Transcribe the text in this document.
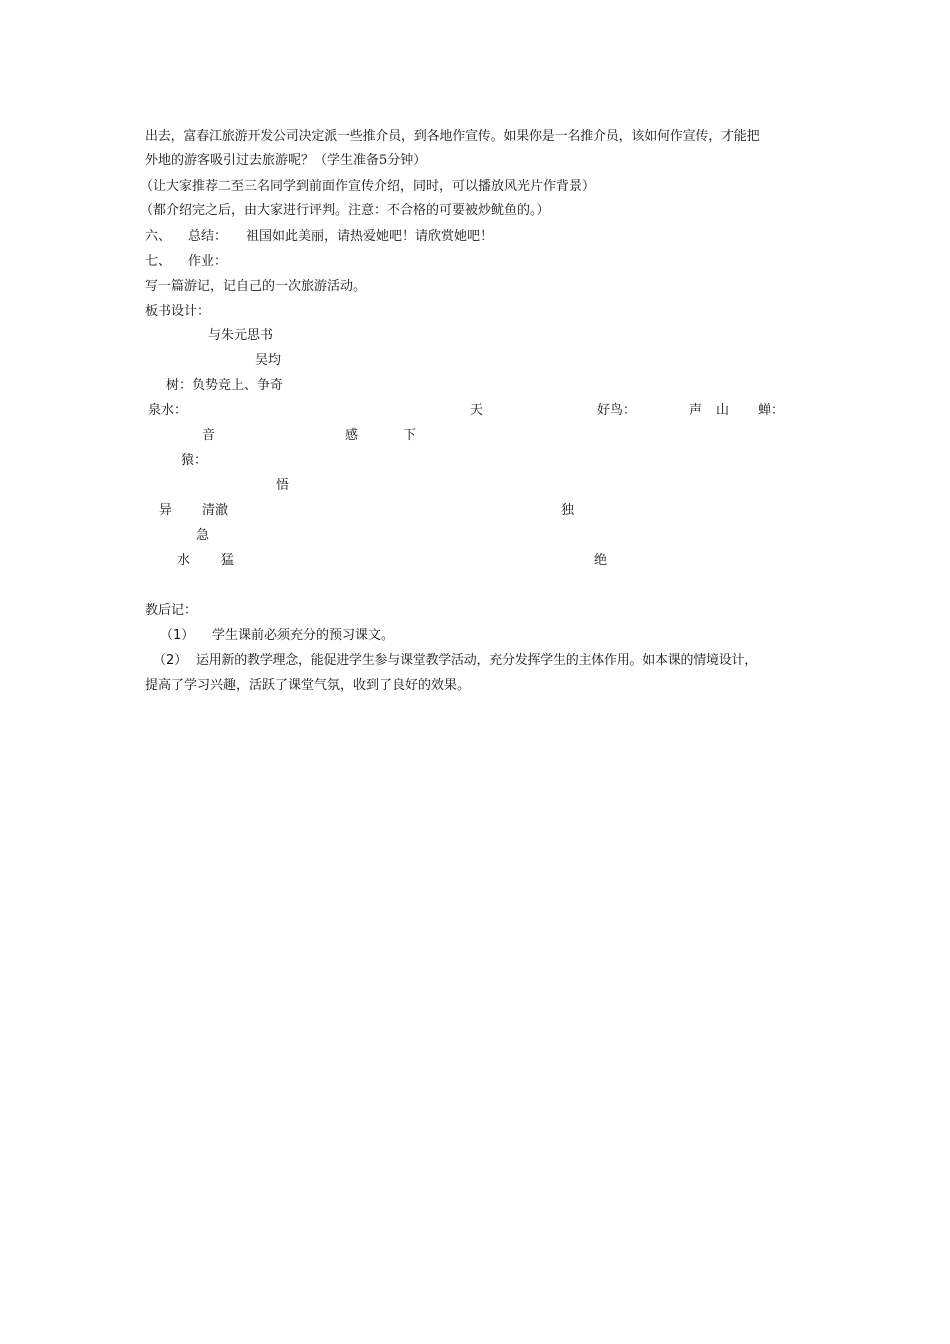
出去，富春江旅游开发公司决定派一些推介员，到各地作宣传。如果你是一名推介员，该如何作宣传，才能把
外地的游客吸引过去旅游呢？（学生准备5分钟）
（让大家推荐二至三名同学到前面作宣传介绍，同时，可以播放风光片作背景）
（都介绍完之后，由大家进行评判。注意：不合格的可要被炒鱿鱼的。）
六、 总结： 祖国如此美丽，请热爱她吧！请欣赏她吧！
七、 作业：
写一篇游记，记自己的一次旅游活动。
板书设计：
与朱元思书
吴均
树：负势竞上、争奇
泉水：	天	好鸟：	声 山 蝉：
音	感	下
猿：
悟
异 清澈	独
急
水 猛	绝
教后记：
（1） 学生课前必须充分的预习课文。
（2） 运用新的教学理念，能促进学生参与课堂教学活动，充分发挥学生的主体作用。如本课的情境设计，
提高了学习兴趣，活跃了课堂气氛，收到了良好的效果。
